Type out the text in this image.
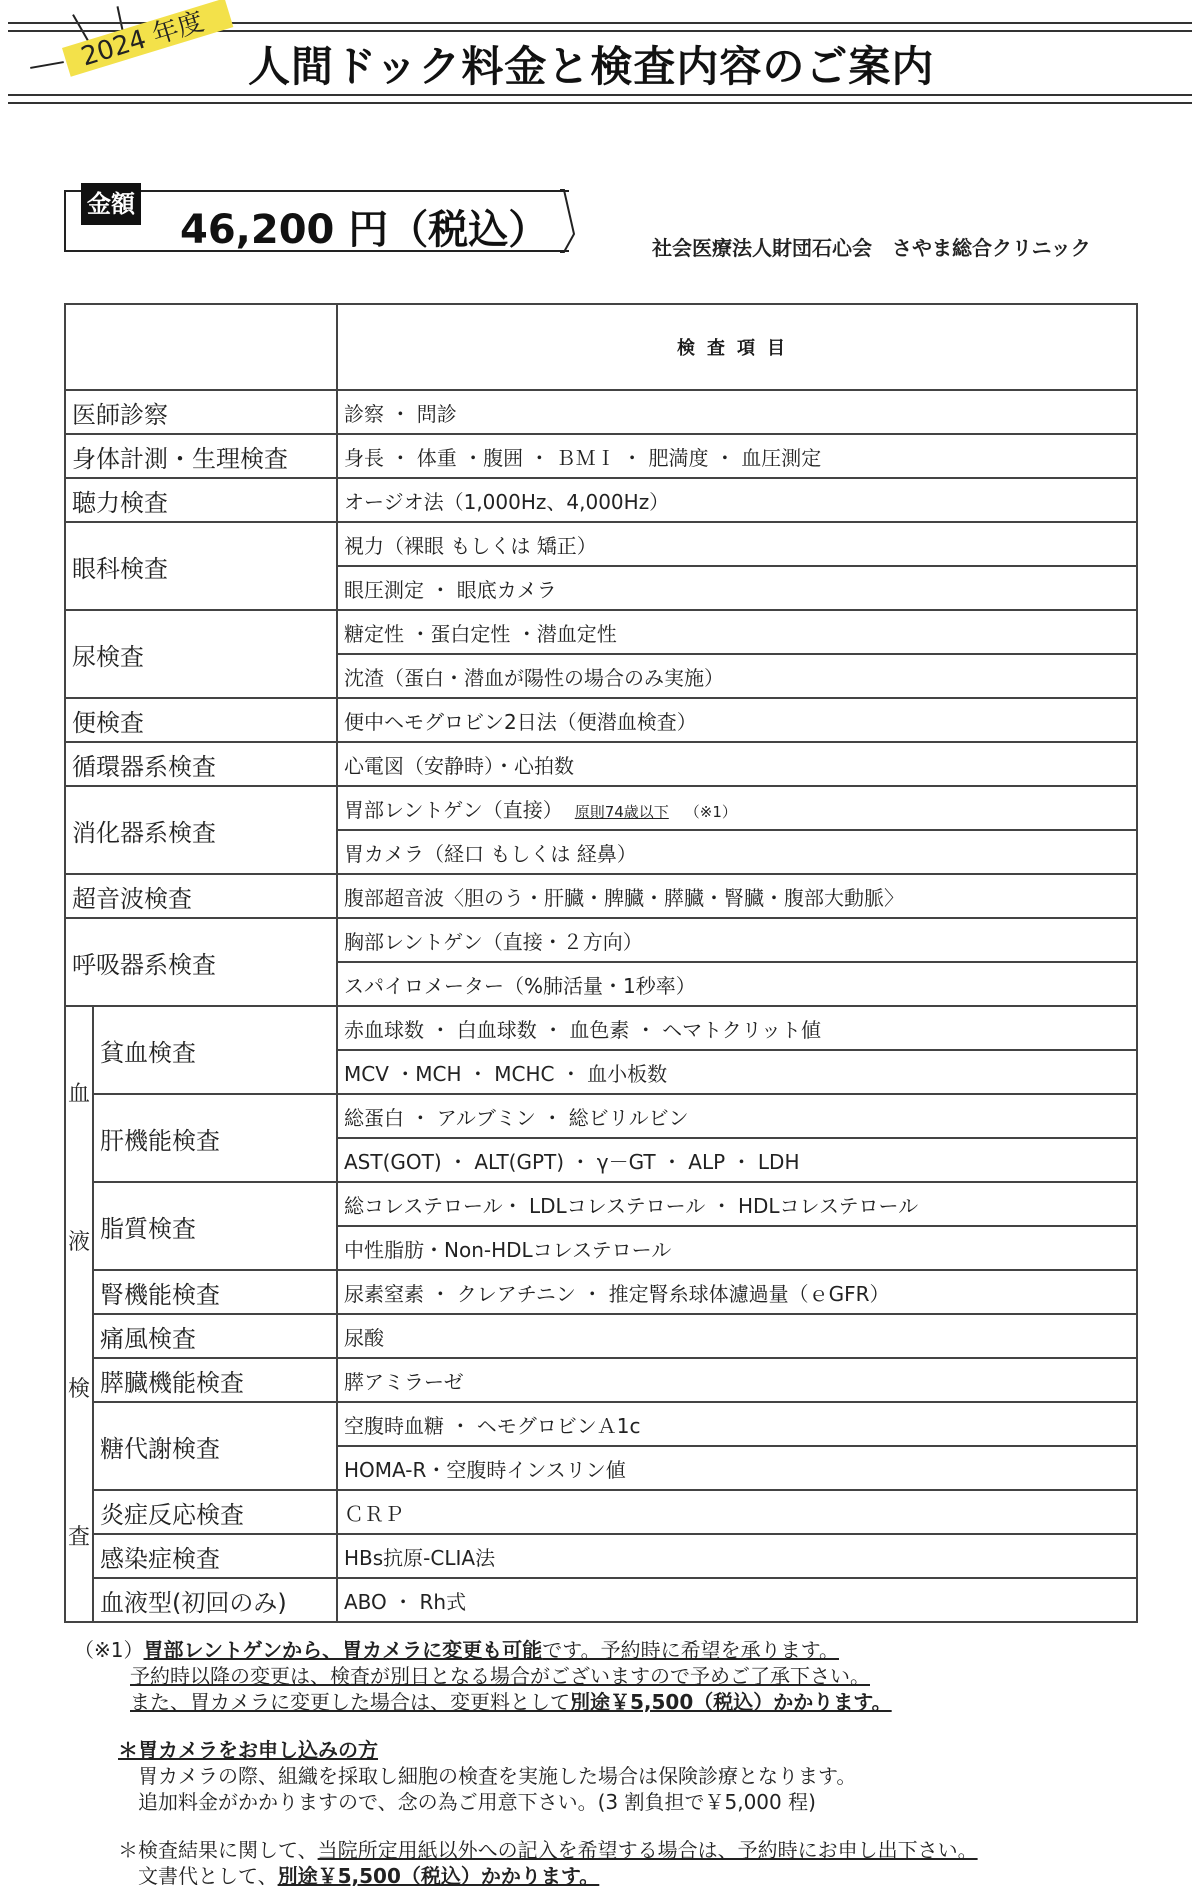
2024 年度 人間ドック料金と検査内容のご案内
金額
46,200 円（税込）	社会医療法人財団石心会　さやま総合クリニック
		検査項目
医師診察		診察 ・ 問診
身体計測・生理検査		身長 ・ 体重 ・腹囲 ・ ＢＭＩ ・ 肥満度 ・ 血圧測定
聴力検査		オージオ法（1,000Hz、4,000Hz）
眼科検査		視力（裸眼 もしくは 矯正）
		眼圧測定 ・ 眼底カメラ
尿検査		糖定性 ・蛋白定性 ・潜血定性
		沈渣（蛋白・潜血が陽性の場合のみ実施）
便検査		便中ヘモグロビン2日法（便潜血検査）
循環器系検査		心電図（安静時）・心拍数
消化器系検査		胃部レントゲン（直接） 原則74歳以下 （※1）
		胃カメラ（経口 もしくは 経鼻）
超音波検査		腹部超音波〈胆のう・肝臓・脾臓・膵臓・腎臓・腹部大動脈〉
呼吸器系検査		胸部レントゲン（直接・２方向）
		スパイロメーター（%肺活量・1秒率）

血
液
検
査	貧血検査	赤血球数 ・ 白血球数 ・ 血色素 ・ ヘマトクリット値
		MCV ・MCH ・ MCHC ・ 血小板数
	肝機能検査	総蛋白 ・ アルブミン ・ 総ビリルビン
		AST(GOT) ・ ALT(GPT) ・ γ－GT ・ ALP ・ LDH
	脂質検査	総コレステロール・ LDLコレステロール ・ HDLコレステロール
		中性脂肪・Non-HDLコレステロール
	腎機能検査	尿素窒素 ・ クレアチニン ・ 推定腎糸球体濾過量（ｅGFR）
	痛風検査	尿酸
	膵臓機能検査	膵アミラーゼ
	糖代謝検査	空腹時血糖 ・ ヘモグロビンＡ1c
		HOMA-R・空腹時インスリン値
	炎症反応検査	ＣＲＰ
	感染症検査	HBs抗原-CLIA法
	血液型(初回のみ)	ABO ・ Rh式
（※1）胃部レントゲンから、胃カメラに変更も可能です。予約時に希望を承ります。
予約時以降の変更は、検査が別日となる場合がございますので予めご了承下さい。
また、胃カメラに変更した場合は、変更料として別途￥5,500（税込）かかります。
＊胃カメラをお申し込みの方
胃カメラの際、組織を採取し細胞の検査を実施した場合は保険診療となります。
追加料金がかかりますので、念の為ご用意下さい。(3 割負担で￥5,000 程)
＊検査結果に関して、当院所定用紙以外への記入を希望する場合は、予約時にお申し出下さい。
文書代として、別途￥5,500（税込）かかります。
